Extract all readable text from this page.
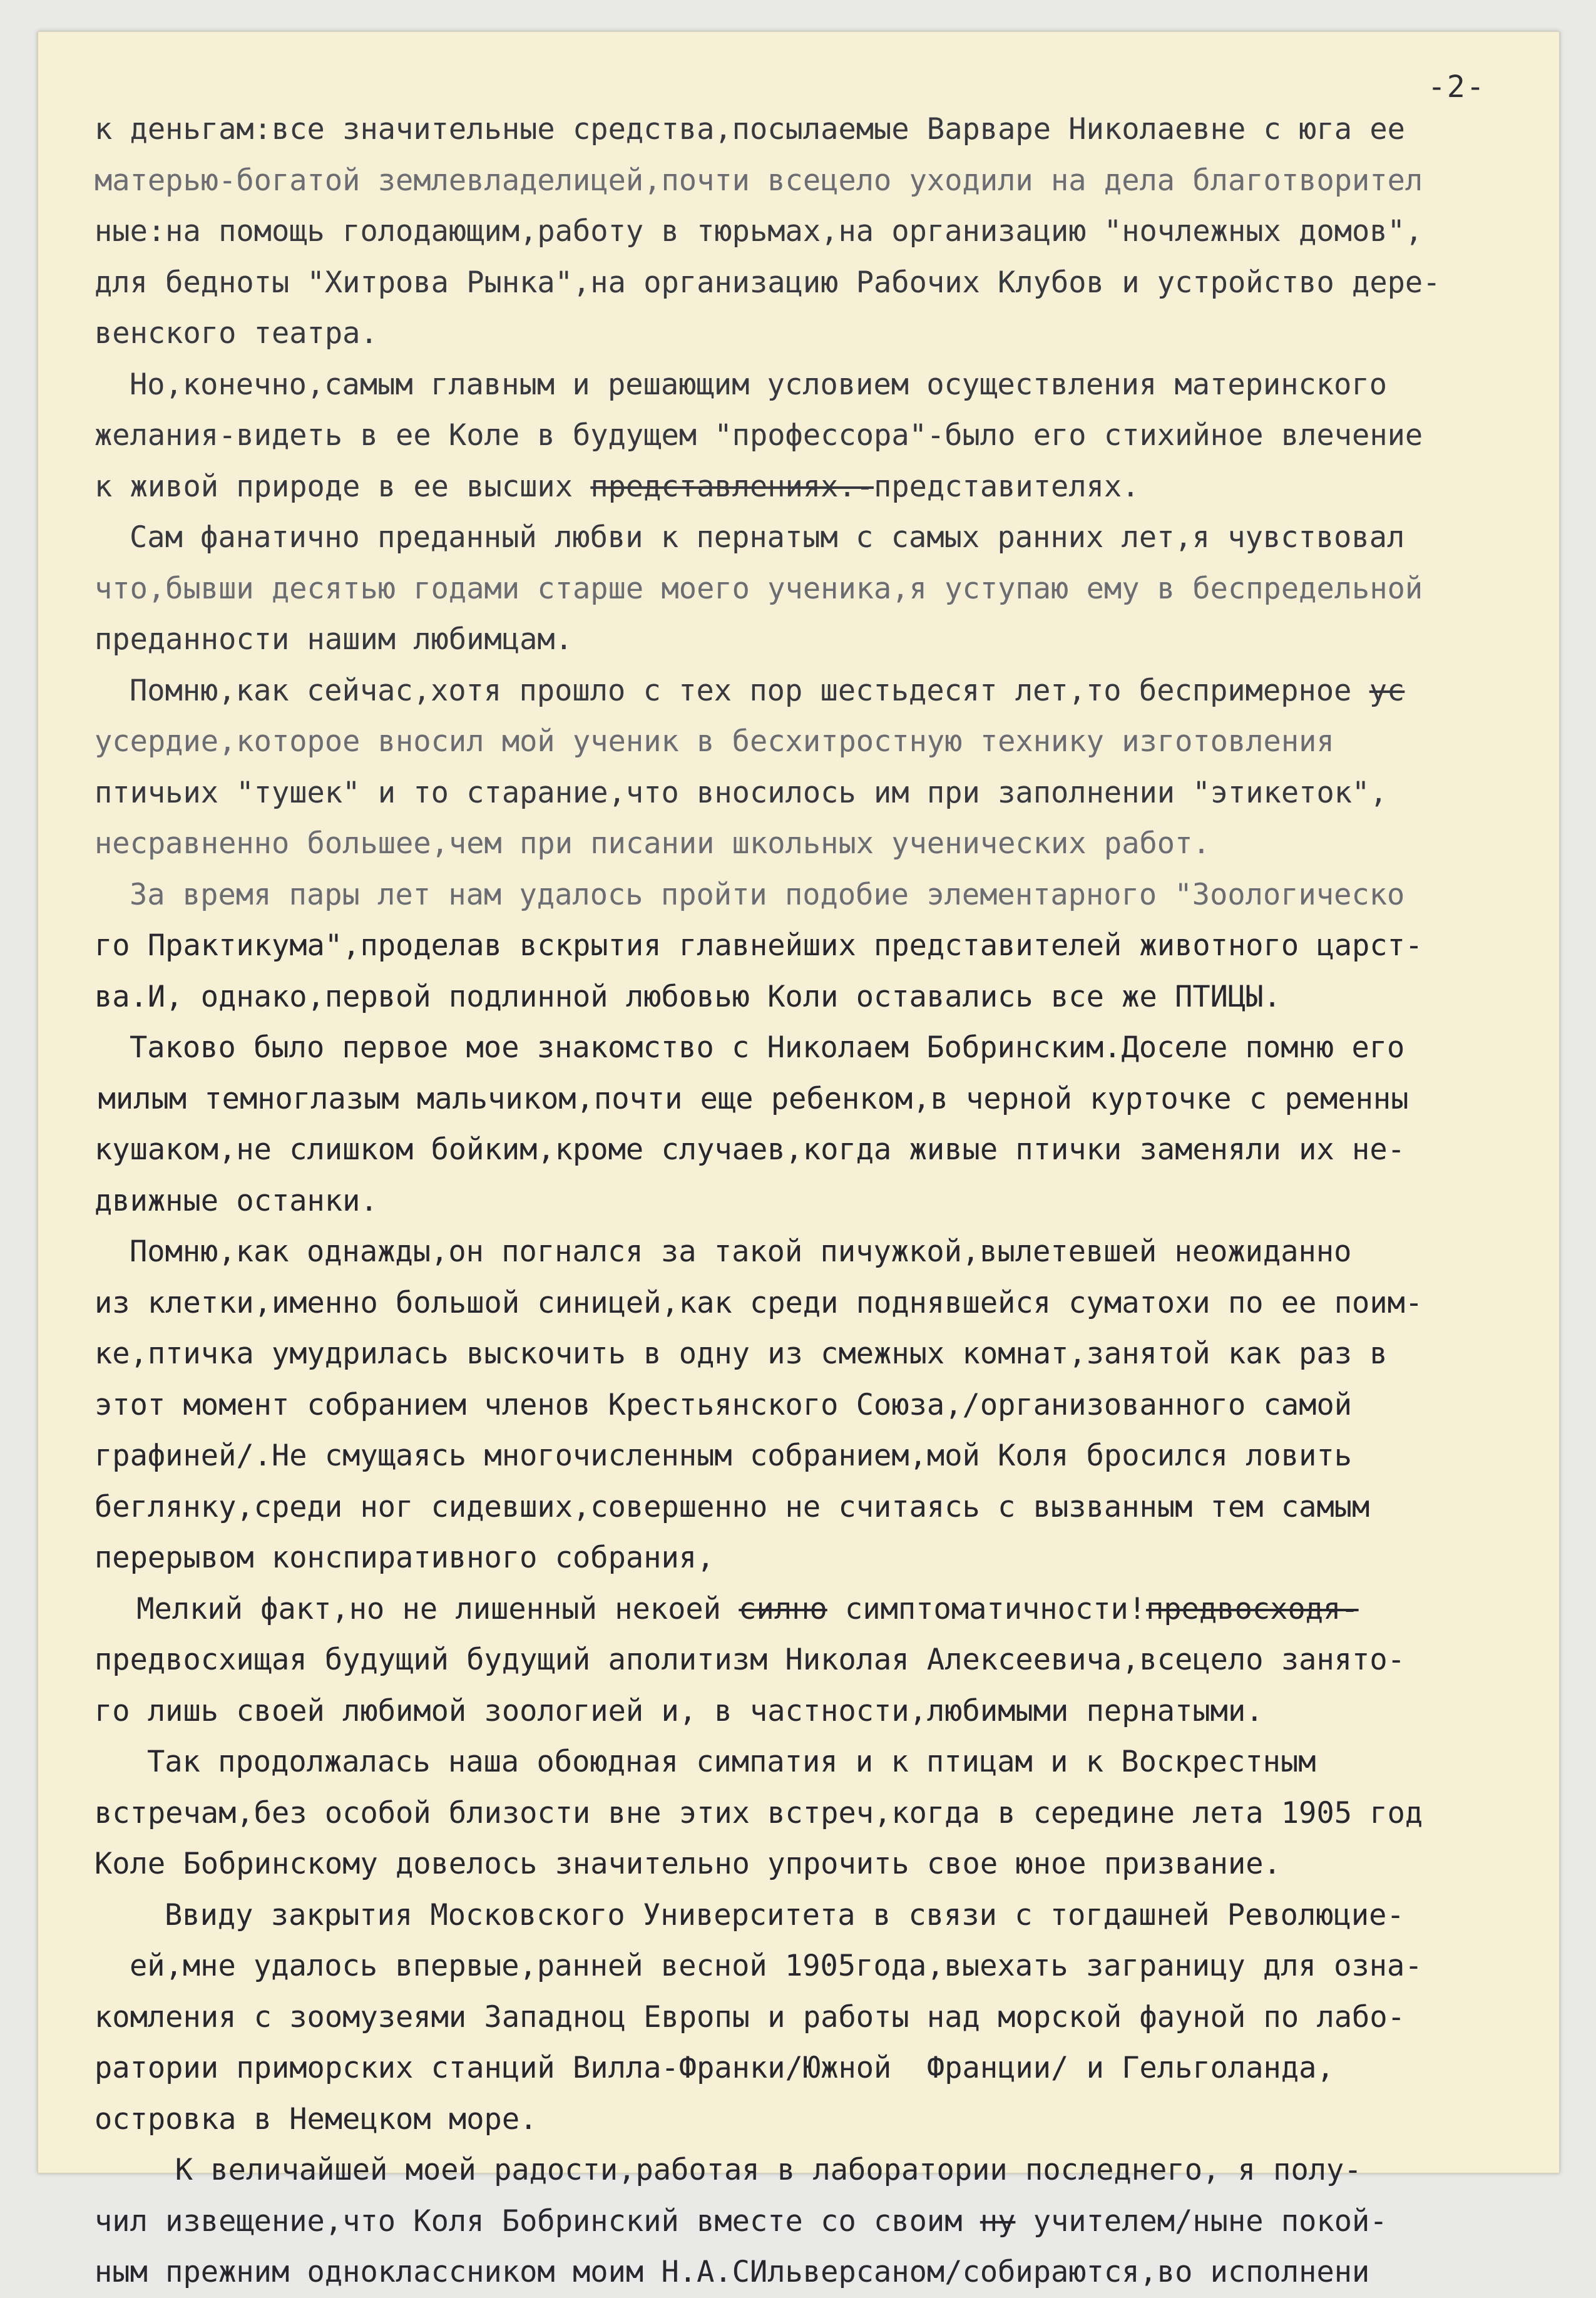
-2-
к деньгам:все значительные средства,посылаемые Варваре Николаевне с юга ее
матерью-богатой землевладелицей,почти всецело уходили на дела благотворител
ные:на помощь голодающим,работу в тюрьмах,на организацию "ночлежных домов",
для бедноты "Хитрова Рынка",на организацию Рабочих Клубов и устройство дере-
венского театра.
Но,конечно,самым главным и решающим условием осуществления материнского
желания-видеть в ее Коле в будущем "профессора"-было его стихийное влечение
к живой природе в ее высших представлениях.-представителях.
Сам фанатично преданный любви к пернатым с самых ранних лет,я чувствовал
что,бывши десятью годами старше моего ученика,я уступаю ему в беспредельной
преданности нашим любимцам.
Помню,как сейчас,хотя прошло с тех пор шестьдесят лет,то беспримерное ус
усердие,которое вносил мой ученик в бесхитростную технику изготовления
птичьих "тушек" и то старание,что вносилось им при заполнении "этикеток",
несравненно большее,чем при писании школьных ученических работ.
За время пары лет нам удалось пройти подобие элементарного "Зоологическо
го Практикума",проделав вскрытия главнейших представителей животного царст-
ва.И, однако,первой подлинной любовью Коли оставались все же ПТИЦЫ.
Таково было первое мое знакомство с Николаем Бобринским.Доселе помню его
милым темноглазым мальчиком,почти еще ребенком,в черной курточке с ременны
кушаком,не слишком бойким,кроме случаев,когда живые птички заменяли их не-
движные останки.
Помню,как однажды,он погнался за такой пичужкой,вылетевшей неожиданно
из клетки,именно большой синицей,как среди поднявшейся суматохи по ее поим-
ке,птичка умудрилась выскочить в одну из смежных комнат,занятой как раз в
этот момент собранием членов Крестьянского Союза,/организованного самой
графиней/.Не смущаясь многочисленным собранием,мой Коля бросился ловить
беглянку,среди ног сидевших,совершенно не считаясь с вызванным тем самым
перерывом конспиративного собрания,
Мелкий факт,но не лишенный некоей силно симптоматичности!предвосходя-
предвосхищая будущий будущий аполитизм Николая Алексеевича,всецело занято-
го лишь своей любимой зоологией и, в частности,любимыми пернатыми.
Так продолжалась наша обоюдная симпатия и к птицам и к Воскрестным
встречам,без особой близости вне этих встреч,когда в середине лета 1905 год
Коле Бобринскому довелось значительно упрочить свое юное призвание.
Ввиду закрытия Московского Университета в связи с тогдашней Революцие-
ей,мне удалось впервые,ранней весной 1905года,выехать заграницу для озна-
комления с зоомузеями Западноц Европы и работы над морской фауной по лабо-
ратории приморских станций Вилла-Франки/Южной  Франции/ и Гельголанда,
островка в Немецком море.
К величайшей моей радости,работая в лаборатории последнего, я полу-
чил извещение,что Коля Бобринский вместе со своим ну учителем/ныне покой-
ным прежним одноклассником моим Н.А.СИльверсаном/собираются,во исполнени
